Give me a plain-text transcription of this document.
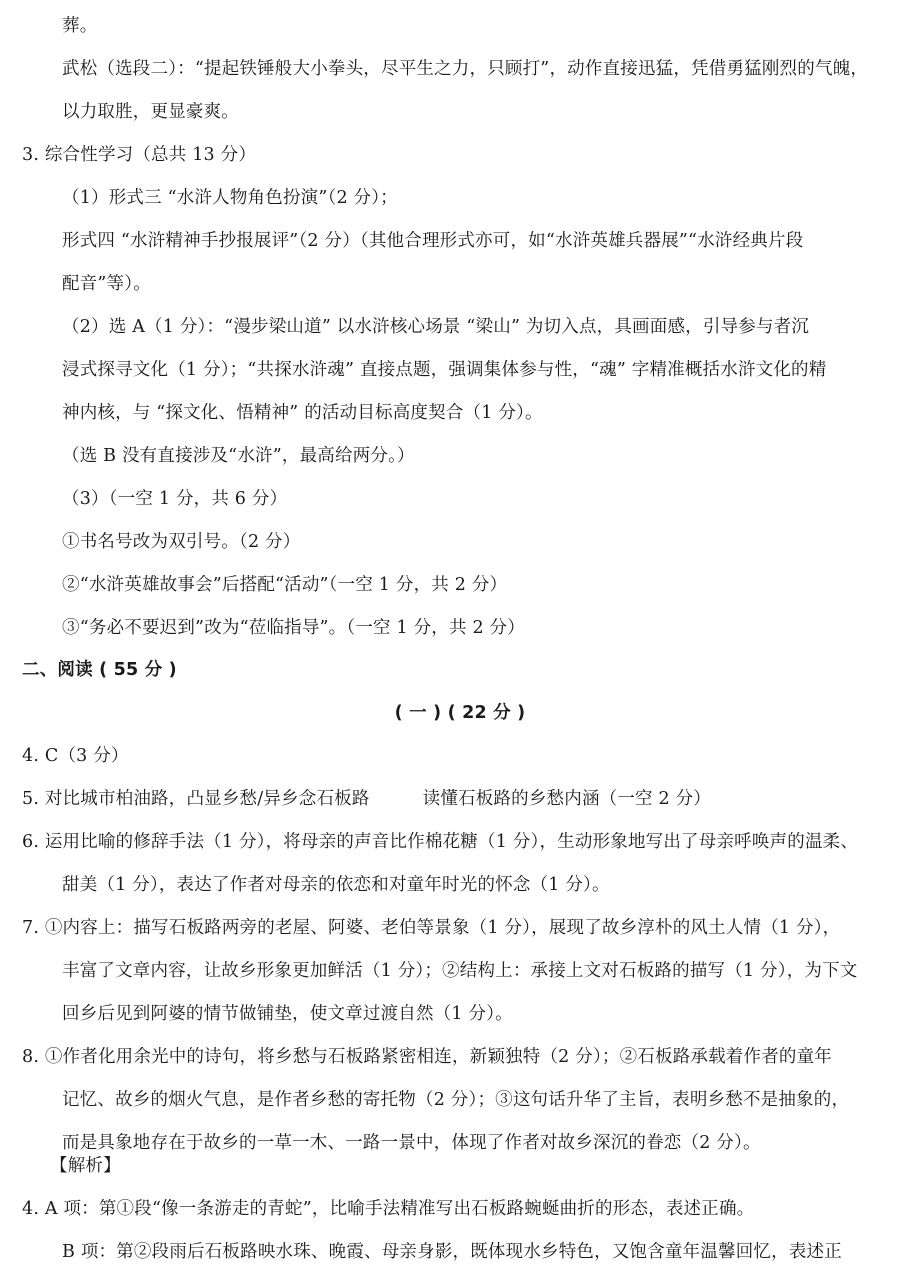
葬。
武松（选段二）：“提起铁锤般大小拳头，尽平生之力，只顾打”，动作直接迅猛，凭借勇猛刚烈的气魄，
以力取胜，更显豪爽。
3. 综合性学习（总共 13 分）
（1）形式三 “水浒人物角色扮演”（2 分）；
形式四 “水浒精神手抄报展评”（2 分）（其他合理形式亦可，如“水浒英雄兵器展”“水浒经典片段
配音”等）。
（2）选 A（1 分）：“漫步梁山道” 以水浒核心场景 “梁山” 为切入点，具画面感，引导参与者沉
浸式探寻文化（1 分）；“共探水浒魂” 直接点题，强调集体参与性，“魂” 字精准概括水浒文化的精
神内核，与 “探文化、悟精神” 的活动目标高度契合（1 分）。
（选 B 没有直接涉及“水浒”，最高给两分。）
（3）（一空 1 分，共 6 分）
①书名号改为双引号。（2 分）
②“水浒英雄故事会”后搭配“活动”（一空 1 分，共 2 分）
③“务必不要迟到”改为“莅临指导”。（一空 1 分，共 2 分）
二、阅读 ( 55 分 )
( 一 ) ( 22 分 )
4. C（3 分）
5. 对比城市柏油路，凸显乡愁/异乡念石板路　　　读懂石板路的乡愁内涵（一空 2 分）
6. 运用比喻的修辞手法（1 分），将母亲的声音比作棉花糖（1 分），生动形象地写出了母亲呼唤声的温柔、
甜美（1 分），表达了作者对母亲的依恋和对童年时光的怀念（1 分）。
7. ①内容上：描写石板路两旁的老屋、阿婆、老伯等景象（1 分），展现了故乡淳朴的风土人情（1 分），
丰富了文章内容，让故乡形象更加鲜活（1 分）；②结构上：承接上文对石板路的描写（1 分），为下文
回乡后见到阿婆的情节做铺垫，使文章过渡自然（1 分）。
8. ①作者化用余光中的诗句，将乡愁与石板路紧密相连，新颖独特（2 分）；②石板路承载着作者的童年
记忆、故乡的烟火气息，是作者乡愁的寄托物（2 分）；③这句话升华了主旨，表明乡愁不是抽象的，
而是具象地存在于故乡的一草一木、一路一景中，体现了作者对故乡深沉的眷恋（2 分）。
【解析】
4. A 项：第①段“像一条游走的青蛇”，比喻手法精准写出石板路蜿蜒曲折的形态，表述正确。
B 项：第②段雨后石板路映水珠、晚霞、母亲身影，既体现水乡特色，又饱含童年温馨回忆，表述正
